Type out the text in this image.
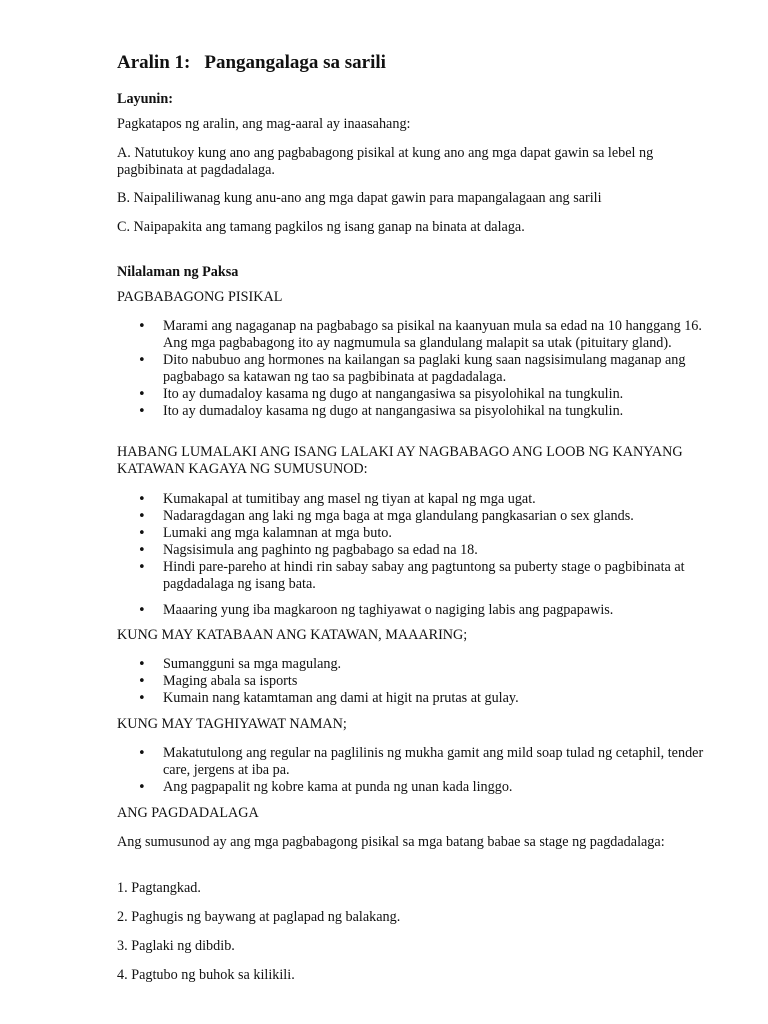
Aralin 1: Pangangalaga sa sarili
Layunin:
Pagkatapos ng aralin, ang mag-aaral ay inaasahang:
A. Natutukoy kung ano ang pagbabagong pisikal at kung ano ang mga dapat gawin sa lebel ng pagbibinata at pagdadalaga.
B. Naipaliliwanag kung anu-ano ang mga dapat gawin para mapangalagaan ang sarili
C. Naipapakita ang tamang pagkilos ng isang ganap na binata at dalaga.
Nilalaman ng Paksa
PAGBABAGONG PISIKAL
• Marami ang nagaganap na pagbabago sa pisikal na kaanyuan mula sa edad na 10 hanggang 16. Ang mga pagbabagong ito ay nagmumula sa glandulang malapit sa utak (pituitary gland).
• Dito nabubuo ang hormones na kailangan sa paglaki kung saan nagsisimulang maganap ang pagbabago sa katawan ng tao sa pagbibinata at pagdadalaga.
• Ito ay dumadaloy kasama ng dugo at nangangasiwa sa pisyolohikal na tungkulin.
• Ito ay dumadaloy kasama ng dugo at nangangasiwa sa pisyolohikal na tungkulin.
HABANG LUMALAKI ANG ISANG LALAKI AY NAGBABAGO ANG LOOB NG KANYANG KATAWAN KAGAYA NG SUMUSUNOD:
• Kumakapal at tumitibay ang masel ng tiyan at kapal ng mga ugat.
• Nadaragdagan ang laki ng mga baga at mga glandulang pangkasarian o sex glands.
• Lumaki ang mga kalamnan at mga buto.
• Nagsisimula ang paghinto ng pagbabago sa edad na 18.
• Hindi pare-pareho at hindi rin sabay sabay ang pagtuntong sa puberty stage o pagbibinata at pagdadalaga ng isang bata.
• Maaaring yung iba magkaroon ng taghiyawat o nagiging labis ang pagpapawis.
KUNG MAY KATABAAN ANG KATAWAN, MAAARING;
• Sumangguni sa mga magulang.
• Maging abala sa isports
• Kumain nang katamtaman ang dami at higit na prutas at gulay.
KUNG MAY TAGHIYAWAT NAMAN;
• Makatutulong ang regular na paglilinis ng mukha gamit ang mild soap tulad ng cetaphil, tender care, jergens at iba pa.
• Ang pagpapalit ng kobre kama at punda ng unan kada linggo.
ANG PAGDADALAGA
Ang sumusunod ay ang mga pagbabagong pisikal sa mga batang babae sa stage ng pagdadalaga:
1. Pagtangkad.
2. Paghugis ng baywang at paglapad ng balakang.
3. Paglaki ng dibdib.
4. Pagtubo ng buhok sa kilikili.
